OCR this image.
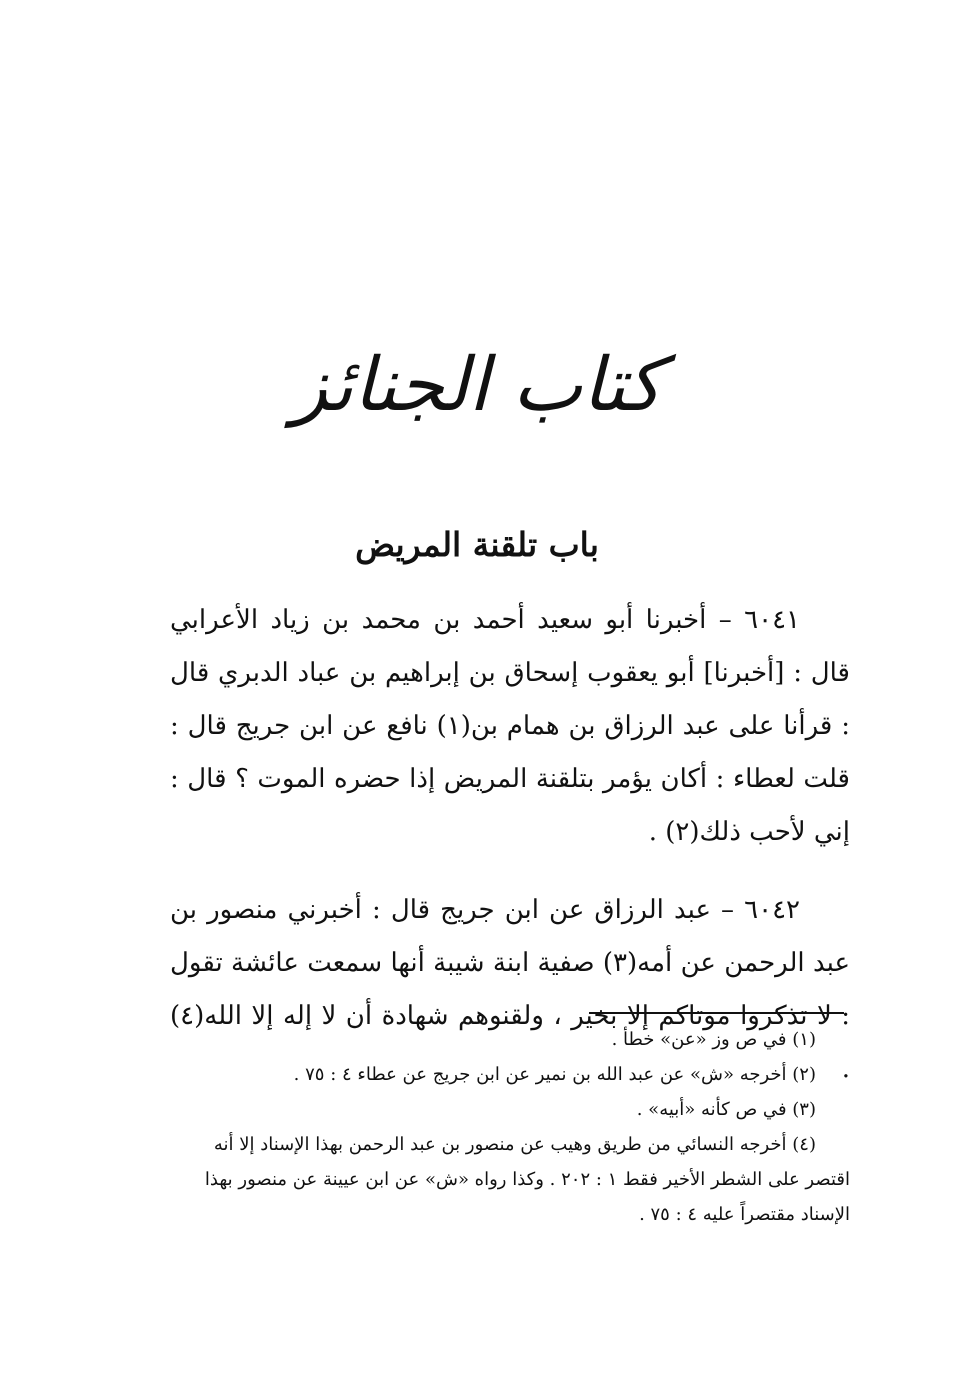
كتاب الجنائز
باب تلقنة المريض

٦٠٤١ – أخبرنا أبو سعيد أحمد بن محمد بن زياد الأعرابي قال : [أخبرنا] أبو يعقوب إسحاق بن إبراهيم بن عباد الدبري قال : قرأنا على عبد الرزاق بن همام بن(١) نافع عن ابن جريج قال : قلت لعطاء : أكان يؤمر بتلقنة المريض إذا حضره الموت ؟ قال : إني لأحب ذلك(٢) .

٦٠٤٢ – عبد الرزاق عن ابن جريج قال : أخبرني منصور بن عبد الرحمن عن أمه(٣) صفية ابنة شيبة أنها سمعت عائشة تقول : لا تذكروا موتاكم إلا بخير ، ولقنوهم شهادة أن لا إله إلا الله(٤) .

(١) في ص وز «عن» خطأ .

(٢) أخرجه «ش» عن عبد الله بن نمير عن ابن جريج عن عطاء ٤ : ٧٥ .

(٣) في ص كأنه «أبيه» .

(٤) أخرجه النسائي من طريق وهيب عن منصور بن عبد الرحمن بهذا الإسناد إلا أنه اقتصر على الشطر الأخير فقط ١ : ٢٠٢ . وكذا رواه «ش» عن ابن عيينة عن منصور بهذا الإسناد مقتصراً عليه ٤ : ٧٥ .
